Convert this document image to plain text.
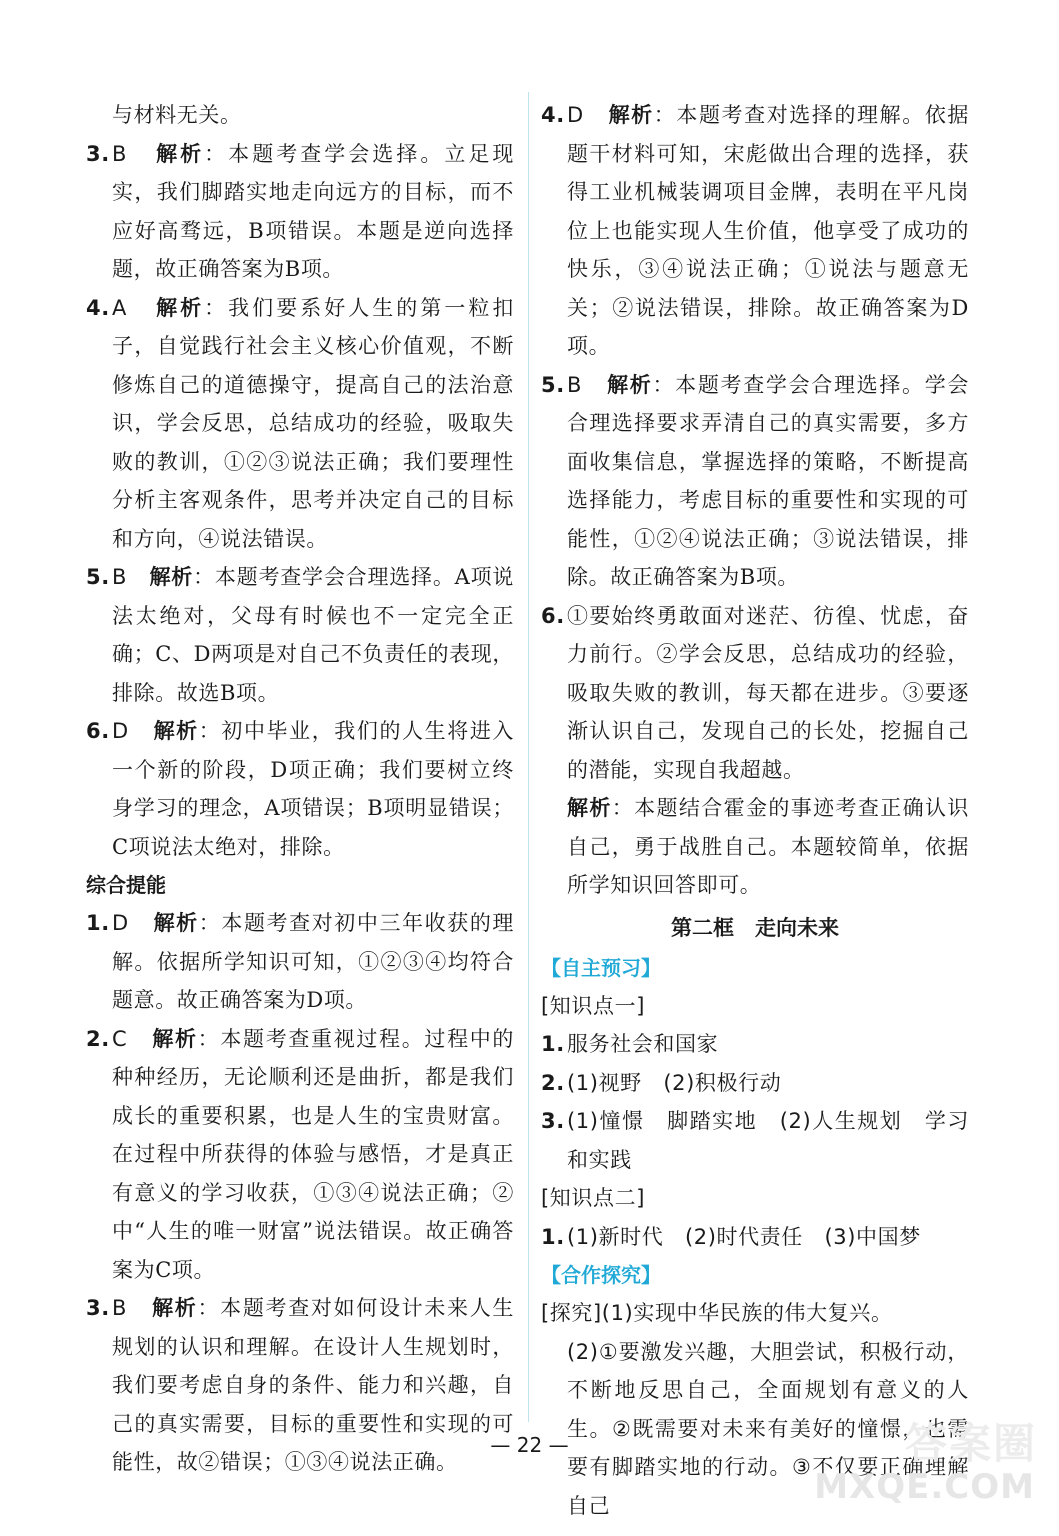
与材料无关。

3. B 解析：本题考查学会选择。立足现实，我们脚踏实地走向远方的目标，而不应好高骛远，B项错误。本题是逆向选择题，故正确答案为B项。
4. A 解析：我们要系好人生的第一粒扣子，自觉践行社会主义核心价值观，不断修炼自己的道德操守，提高自己的法治意识，学会反思，总结成功的经验，吸取失败的教训，①②③说法正确；我们要理性分析主客观条件，思考并决定自己的目标和方向，④说法错误。
5. B 解析：本题考查学会合理选择。A项说法太绝对，父母有时候也不一定完全正确；C、D两项是对自己不负责任的表现，排除。故选B项。
6. D 解析：初中毕业，我们的人生将进入一个新的阶段，D项正确；我们要树立终身学习的理念，A项错误；B项明显错误；C项说法太绝对，排除。

综合提能

1. D 解析：本题考查对初中三年收获的理解。依据所学知识可知，①②③④均符合题意。故正确答案为D项。
2. C 解析：本题考查重视过程。过程中的种种经历，无论顺利还是曲折，都是我们成长的重要积累，也是人生的宝贵财富。在过程中所获得的体验与感悟，才是真正有意义的学习收获，①③④说法正确；②中“人生的唯一财富”说法错误。故正确答案为C项。
3. B 解析：本题考查对如何设计未来人生规划的认识和理解。在设计人生规划时，我们要考虑自身的条件、能力和兴趣，自己的真实需要，目标的重要性和实现的可能性，故②错误；①③④说法正确。
4. D 解析：本题考查对选择的理解。依据题干材料可知，宋彪做出合理的选择，获得工业机械装调项目金牌，表明在平凡岗位上也能实现人生价值，他享受了成功的快乐，③④说法正确；①说法与题意无关；②说法错误，排除。故正确答案为D项。
5. B 解析：本题考查学会合理选择。学会合理选择要求弄清自己的真实需要，多方面收集信息，掌握选择的策略，不断提高选择能力，考虑目标的重要性和实现的可能性，①②④说法正确；③说法错误，排除。故正确答案为B项。
6. ①要始终勇敢面对迷茫、彷徨、忧虑，奋力前行。②学会反思，总结成功的经验，吸取失败的教训，每天都在进步。③要逐渐认识自己，发现自己的长处，挖掘自己的潜能，实现自我超越。

解析：本题结合霍金的事迹考查正确认识自己，勇于战胜自己。本题较简单，依据所学知识回答即可。

第二框　走向未来

【自主预习】

[知识点一]

1. 服务社会和国家
2. (1)视野　(2)积极行动
3. (1)憧憬　脚踏实地　(2)人生规划　学习和实践

[知识点二]

1. (1)新时代　(2)时代责任　(3)中国梦

【合作探究】

[探究](1)实现中华民族的伟大复兴。

(2)①要激发兴趣，大胆尝试，积极行动，不断地反思自己，全面规划有意义的人生。②既需要对未来有美好的憧憬，也需要有脚踏实地的行动。③不仅要正确理解自己

— 22 —	答案圈
MXQE.COM
